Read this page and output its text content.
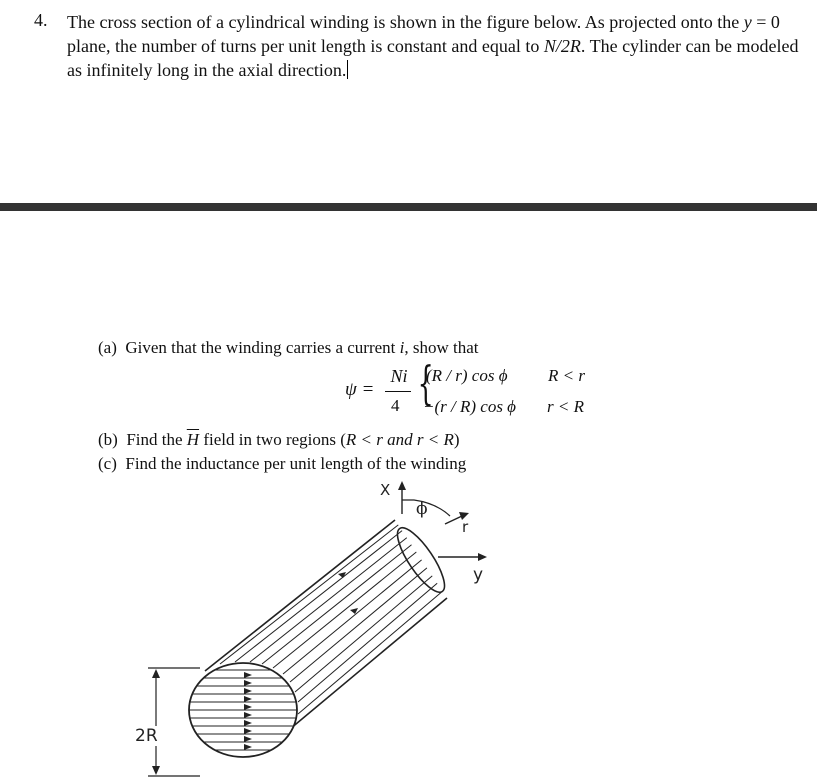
4. The cross section of a cylindrical winding is shown in the figure below. As projected onto the y = 0 plane, the number of turns per unit length is constant and equal to N/2R. The cylinder can be modeled as infinitely long in the axial direction.
(a) Given that the winding carries a current i, show that
ψ =
Ni
4 {
(R / r) cos ϕ R < r
−(r / R) cos ϕ r < R
(b) Find the $\overline{H}$ field in two regions (R < r and r < R)
(c) Find the inductance per unit length of the winding
2R
X
ϕ
r
y
